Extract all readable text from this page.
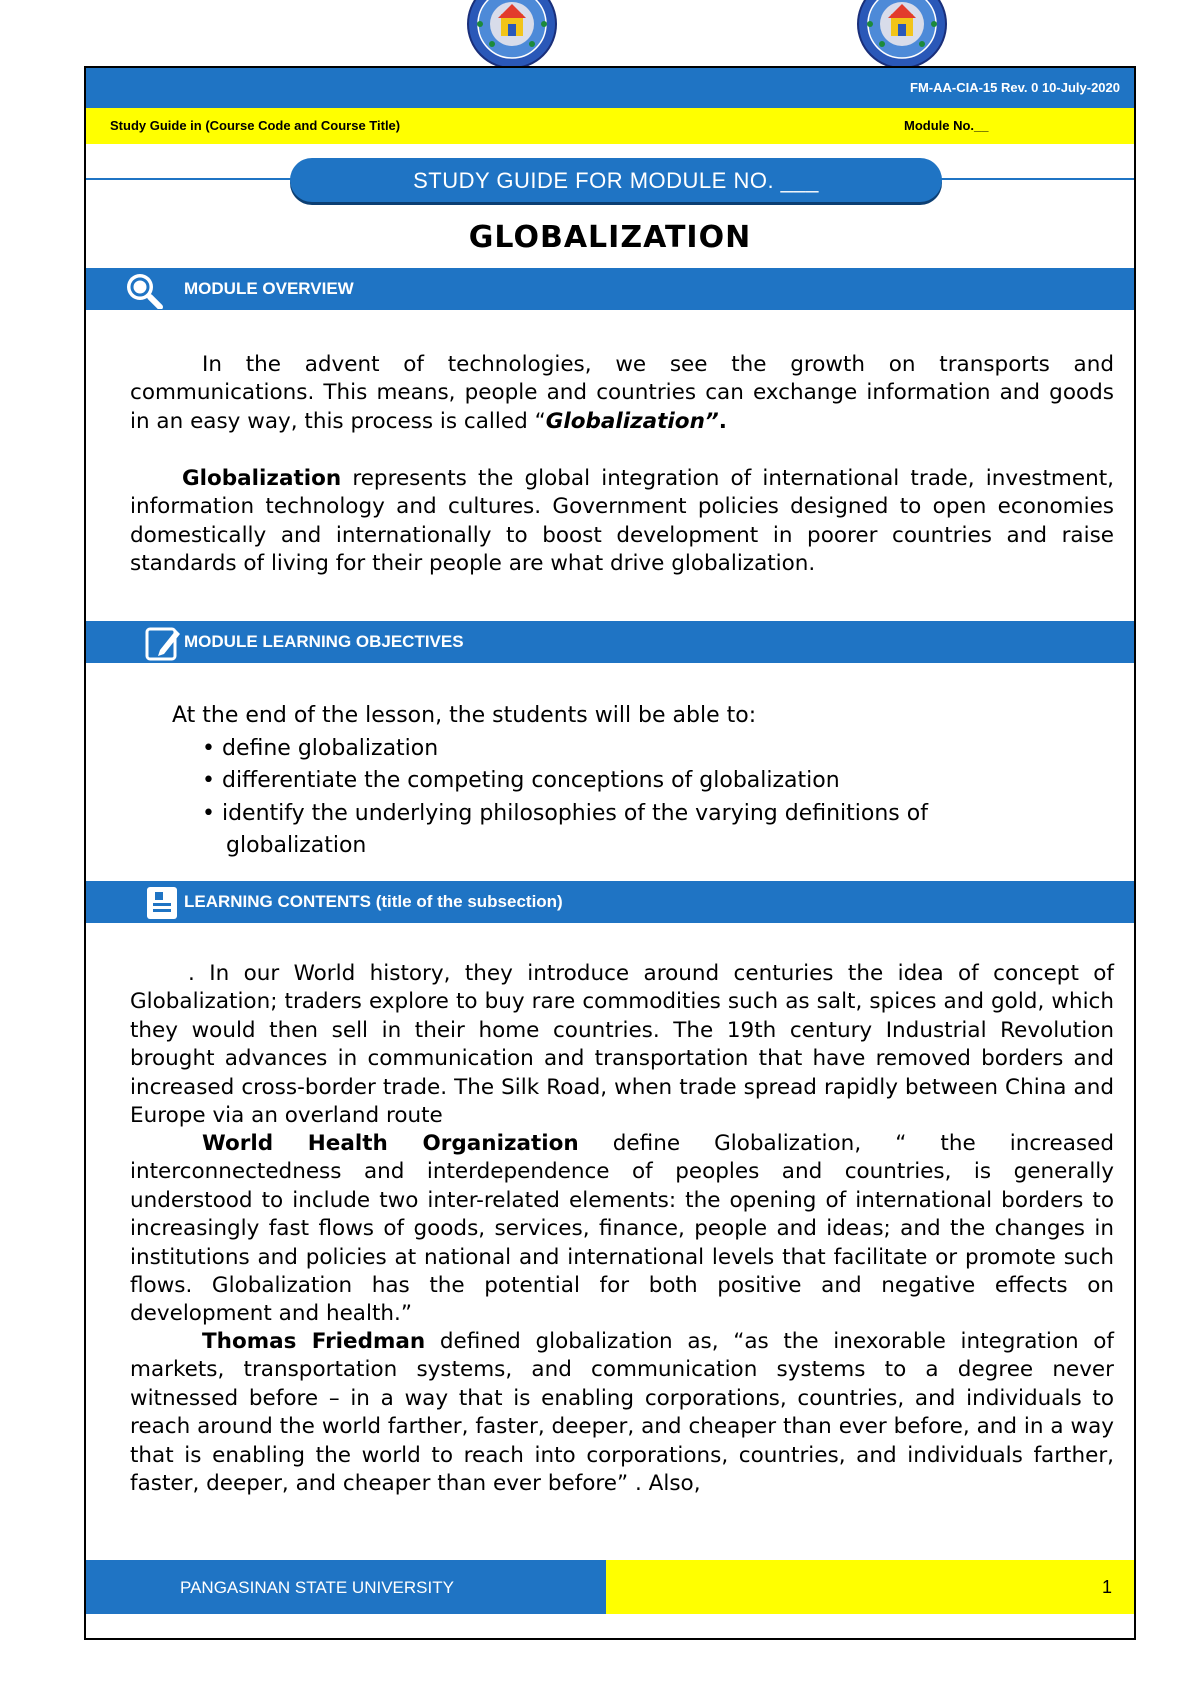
FM-AA-CIA-15 Rev. 0 10-July-2020
Study Guide in (Course Code and Course Title)	Module No.__
STUDY GUIDE FOR MODULE NO. ___
GLOBALIZATION
MODULE OVERVIEW
In the advent of technologies, we see the growth on transports and communications. This means, people and countries can exchange information and goods in an easy way, this process is called “Globalization”.
Globalization represents the global integration of international trade, investment, information technology and cultures. Government policies designed to open economies domestically and internationally to boost development in poorer countries and raise standards of living for their people are what drive globalization.
MODULE LEARNING OBJECTIVES
At the end of the lesson, the students will be able to:
• define globalization
• differentiate the competing conceptions of globalization
• identify the underlying philosophies of the varying definitions of
globalization
LEARNING CONTENTS (title of the subsection)
. In our World history, they introduce around centuries the idea of concept of Globalization; traders explore to buy rare commodities such as salt, spices and gold, which they would then sell in their home countries. The 19th century Industrial Revolution brought advances in communication and transportation that have removed borders and increased cross-border trade. The Silk Road, when trade spread rapidly between China and Europe via an overland route
World Health Organization define Globalization, “ the increased interconnectedness and interdependence of peoples and countries, is generally understood to include two inter-related elements: the opening of international borders to increasingly fast flows of goods, services, finance, people and ideas; and the changes in institutions and policies at national and international levels that facilitate or promote such flows. Globalization has the potential for both positive and negative effects on development and health.”
Thomas Friedman defined globalization as, “as the inexorable integration of markets, transportation systems, and communication systems to a degree never witnessed before – in a way that is enabling corporations, countries, and individuals to reach around the world farther, faster, deeper, and cheaper than ever before, and in a way that is enabling the world to reach into corporations, countries, and individuals farther, faster, deeper, and cheaper than ever before” . Also,
PANGASINAN STATE UNIVERSITY	1
